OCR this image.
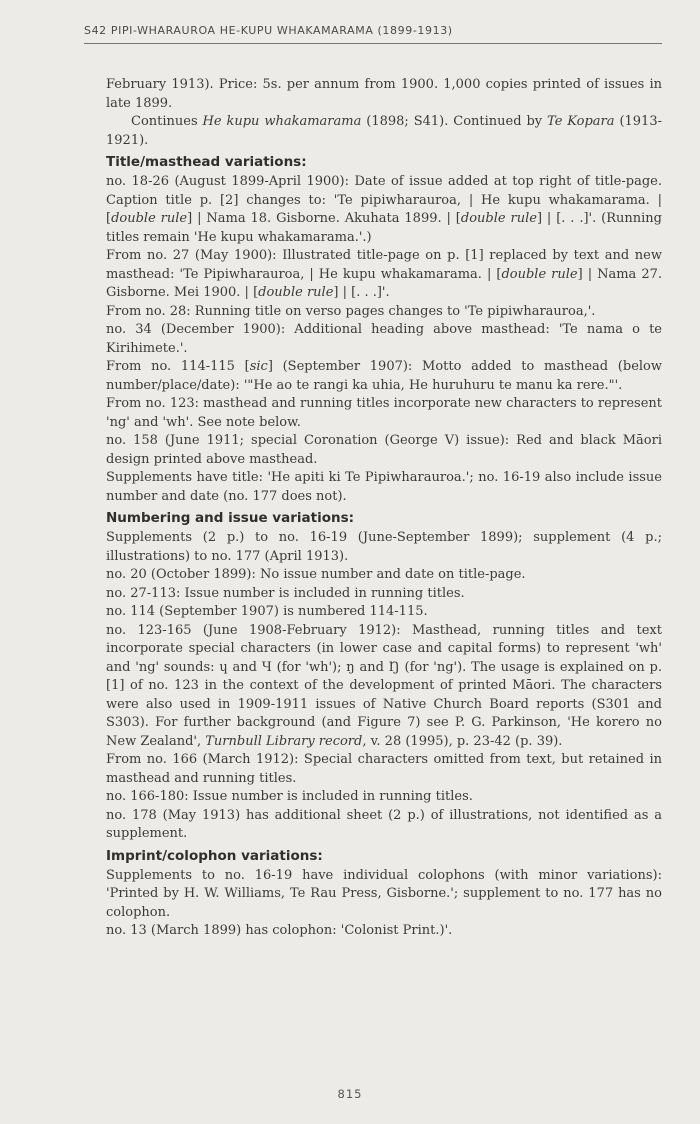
S42 PIPI-WHARAUROA HE-KUPU WHAKAMARAMA (1899-1913)

February 1913). Price: 5s. per annum from 1900. 1,000 copies printed of issues in late 1899.

Continues He kupu whakamarama (1898; S41). Continued by Te Kopara (1913-1921).

Title/masthead variations:

no. 18-26 (August 1899-April 1900): Date of issue added at top right of title-page. Caption title p. [2] changes to: 'Te pipiwharauroa, | He kupu whakamarama. | [double rule] | Nama 18. Gisborne. Akuhata 1899. | [double rule] | [. . .]'. (Running titles remain 'He kupu whakamarama.'.)

From no. 27 (May 1900): Illustrated title-page on p. [1] replaced by text and new masthead: 'Te Pipiwharauroa, | He kupu whakamarama. | [double rule] | Nama 27. Gisborne. Mei 1900. | [double rule] | [. . .]'.

From no. 28: Running title on verso pages changes to 'Te pipiwharauroa,'.

no. 34 (December 1900): Additional heading above masthead: 'Te nama o te Kirihimete.'.

From no. 114-115 [sic] (September 1907): Motto added to masthead (below number/place/date): '"He ao te rangi ka uhia, He huruhuru te manu ka rere."'.

From no. 123: masthead and running titles incorporate new characters to represent 'ng' and 'wh'. See note below.

no. 158 (June 1911; special Coronation (George V) issue): Red and black Māori design printed above masthead.

Supplements have title: 'He apiti ki Te Pipiwharauroa.'; no. 16-19 also include issue number and date (no. 177 does not).

Numbering and issue variations:

Supplements (2 p.) to no. 16-19 (June-September 1899); supplement (4 p.; illustrations) to no. 177 (April 1913).

no. 20 (October 1899): No issue number and date on title-page.

no. 27-113: Issue number is included in running titles.

no. 114 (September 1907) is numbered 114-115.

no. 123-165 (June 1908-February 1912): Masthead, running titles and text incorporate special characters (in lower case and capital forms) to represent 'wh' and 'ng' sounds: ɥ and Ɥ (for 'wh'); ŋ and Ŋ (for 'ng'). The usage is explained on p. [1] of no. 123 in the context of the development of printed Māori. The characters were also used in 1909-1911 issues of Native Church Board reports (S301 and S303). For further background (and Figure 7) see P. G. Parkinson, 'He korero no New Zealand', Turnbull Library record, v. 28 (1995), p. 23-42 (p. 39).

From no. 166 (March 1912): Special characters omitted from text, but retained in masthead and running titles.

no. 166-180: Issue number is included in running titles.

no. 178 (May 1913) has additional sheet (2 p.) of illustrations, not identified as a supplement.

Imprint/colophon variations:

Supplements to no. 16-19 have individual colophons (with minor variations): 'Printed by H. W. Williams, Te Rau Press, Gisborne.'; supplement to no. 177 has no colophon.

no. 13 (March 1899) has colophon: 'Colonist Print.)'.

815
